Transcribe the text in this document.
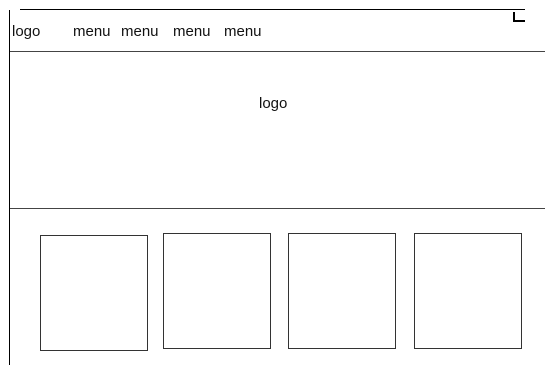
logo menu menu menu menu
logo
